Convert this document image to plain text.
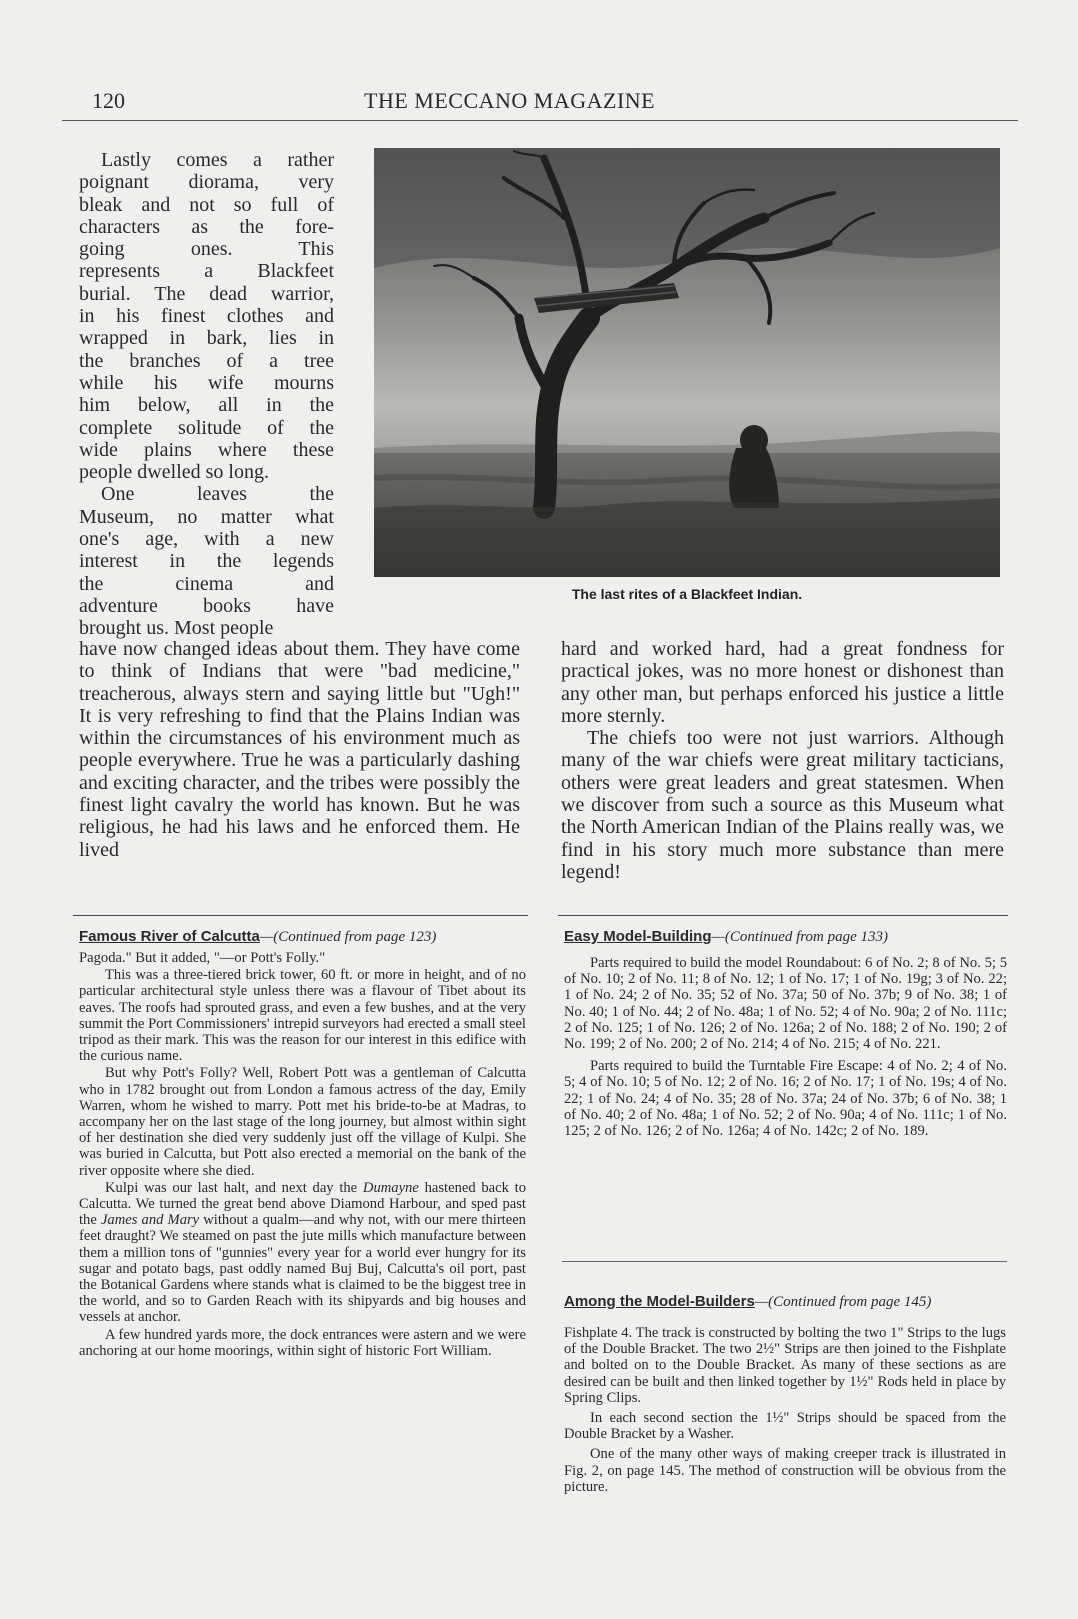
120	THE MECCANO MAGAZINE

Lastly comes a rather

poignant diorama, very

bleak and not so full of

characters as the fore-

going ones. This

represents a Blackfeet

burial. The dead warrior,

in his finest clothes and

wrapped in bark, lies in

the branches of a tree

while his wife mourns

him below, all in the

complete solitude of the

wide plains where these

people dwelled so long.

One leaves the

Museum, no matter what

one's age, with a new

interest in the legends

the cinema and

adventure books have

brought us. Most people

The last rites of a Blackfeet Indian.

have now changed ideas about them. They have come to think of Indians that were "bad medicine," treacherous, always stern and saying little but "Ugh!" It is very refreshing to find that the Plains Indian was within the circumstances of his environment much as people everywhere. True he was a particularly dashing and exciting character, and the tribes were possibly the finest light cavalry the world has known. But he was religious, he had his laws and he enforced them. He lived

hard and worked hard, had a great fondness for practical jokes, was no more honest or dishonest than any other man, but perhaps enforced his justice a little more sternly.

The chiefs too were not just warriors. Although many of the war chiefs were great military tacticians, others were great leaders and great statesmen. When we discover from such a source as this Museum what the North American Indian of the Plains really was, we find in his story much more substance than mere legend!

Famous River of Calcutta—(Continued from page 123)

Pagoda." But it added, "—or Pott's Folly."

This was a three-tiered brick tower, 60 ft. or more in height, and of no particular architectural style unless there was a flavour of Tibet about its eaves. The roofs had sprouted grass, and even a few bushes, and at the very summit the Port Commissioners' intrepid surveyors had erected a small steel tripod as their mark. This was the reason for our interest in this edifice with the curious name.

But why Pott's Folly? Well, Robert Pott was a gentleman of Calcutta who in 1782 brought out from London a famous actress of the day, Emily Warren, whom he wished to marry. Pott met his bride-to-be at Madras, to accompany her on the last stage of the long journey, but almost within sight of her destination she died very suddenly just off the village of Kulpi. She was buried in Calcutta, but Pott also erected a memorial on the bank of the river opposite where she died.

Kulpi was our last halt, and next day the Dumayne hastened back to Calcutta. We turned the great bend above Diamond Harbour, and sped past the James and Mary without a qualm—and why not, with our mere thirteen feet draught? We steamed on past the jute mills which manufacture between them a million tons of "gunnies" every year for a world ever hungry for its sugar and potato bags, past oddly named Buj Buj, Calcutta's oil port, past the Botanical Gardens where stands what is claimed to be the biggest tree in the world, and so to Garden Reach with its shipyards and big houses and vessels at anchor.

A few hundred yards more, the dock entrances were astern and we were anchoring at our home moorings, within sight of historic Fort William.

Easy Model-Building—(Continued from page 133)

Parts required to build the model Roundabout: 6 of No. 2; 8 of No. 5; 5 of No. 10; 2 of No. 11; 8 of No. 12; 1 of No. 17; 1 of No. 19g; 3 of No. 22; 1 of No. 24; 2 of No. 35; 52 of No. 37a; 50 of No. 37b; 9 of No. 38; 1 of No. 40; 1 of No. 44; 2 of No. 48a; 1 of No. 52; 4 of No. 90a; 2 of No. 111c; 2 of No. 125; 1 of No. 126; 2 of No. 126a; 2 of No. 188; 2 of No. 190; 2 of No. 199; 2 of No. 200; 2 of No. 214; 4 of No. 215; 4 of No. 221.

Parts required to build the Turntable Fire Escape: 4 of No. 2; 4 of No. 5; 4 of No. 10; 5 of No. 12; 2 of No. 16; 2 of No. 17; 1 of No. 19s; 4 of No. 22; 1 of No. 24; 4 of No. 35; 28 of No. 37a; 24 of No. 37b; 6 of No. 38; 1 of No. 40; 2 of No. 48a; 1 of No. 52; 2 of No. 90a; 4 of No. 111c; 1 of No. 125; 2 of No. 126; 2 of No. 126a; 4 of No. 142c; 2 of No. 189.

Among the Model-Builders—(Continued from page 145)

Fishplate 4. The track is constructed by bolting the two 1" Strips to the lugs of the Double Bracket. The two 2½" Strips are then joined to the Fishplate and bolted on to the Double Bracket. As many of these sections as are desired can be built and then linked together by 1½" Rods held in place by Spring Clips.

In each second section the 1½" Strips should be spaced from the Double Bracket by a Washer.

One of the many other ways of making creeper track is illustrated in Fig. 2, on page 145. The method of construction will be obvious from the picture.
